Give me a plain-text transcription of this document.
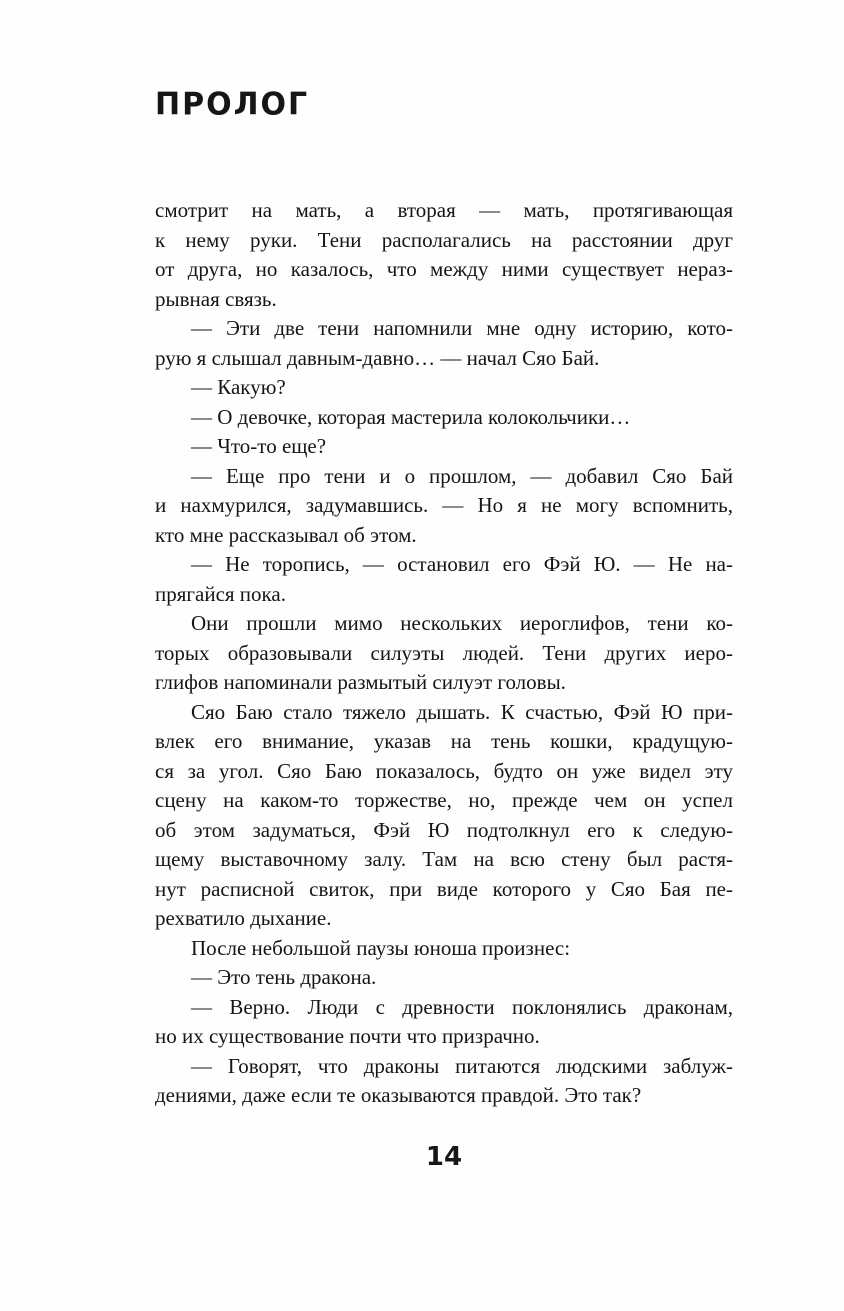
ПРОЛОГ
смотрит на мать, а вторая — мать, протягивающая
к нему руки. Тени располагались на расстоянии друг
от друга, но казалось, что между ними существует нераз-
рывная связь.
— Эти две тени напомнили мне одну историю, кото-
рую я слышал давным-давно… — начал Сяо Бай.
— Какую?
— О девочке, которая мастерила колокольчики…
— Что-то еще?
— Еще про тени и о прошлом, — добавил Сяо Бай
и нахмурился, задумавшись. — Но я не могу вспомнить,
кто мне рассказывал об этом.
— Не торопись, — остановил его Фэй Ю. — Не на-
прягайся пока.
Они прошли мимо нескольких иероглифов, тени ко-
торых образовывали силуэты людей. Тени других иеро-
глифов напоминали размытый силуэт головы.
Сяо Баю стало тяжело дышать. К счастью, Фэй Ю при-
влек его внимание, указав на тень кошки, крадущую-
ся за угол. Сяо Баю показалось, будто он уже видел эту
сцену на каком-то торжестве, но, прежде чем он успел
об этом задуматься, Фэй Ю подтолкнул его к следую-
щему выставочному залу. Там на всю стену был растя-
нут расписной свиток, при виде которого у Сяо Бая пе-
рехватило дыхание.
После небольшой паузы юноша произнес:
— Это тень дракона.
— Верно. Люди с древности поклонялись драконам,
но их существование почти что призрачно.
— Говорят, что драконы питаются людскими заблуж-
дениями, даже если те оказываются правдой. Это так?
14
